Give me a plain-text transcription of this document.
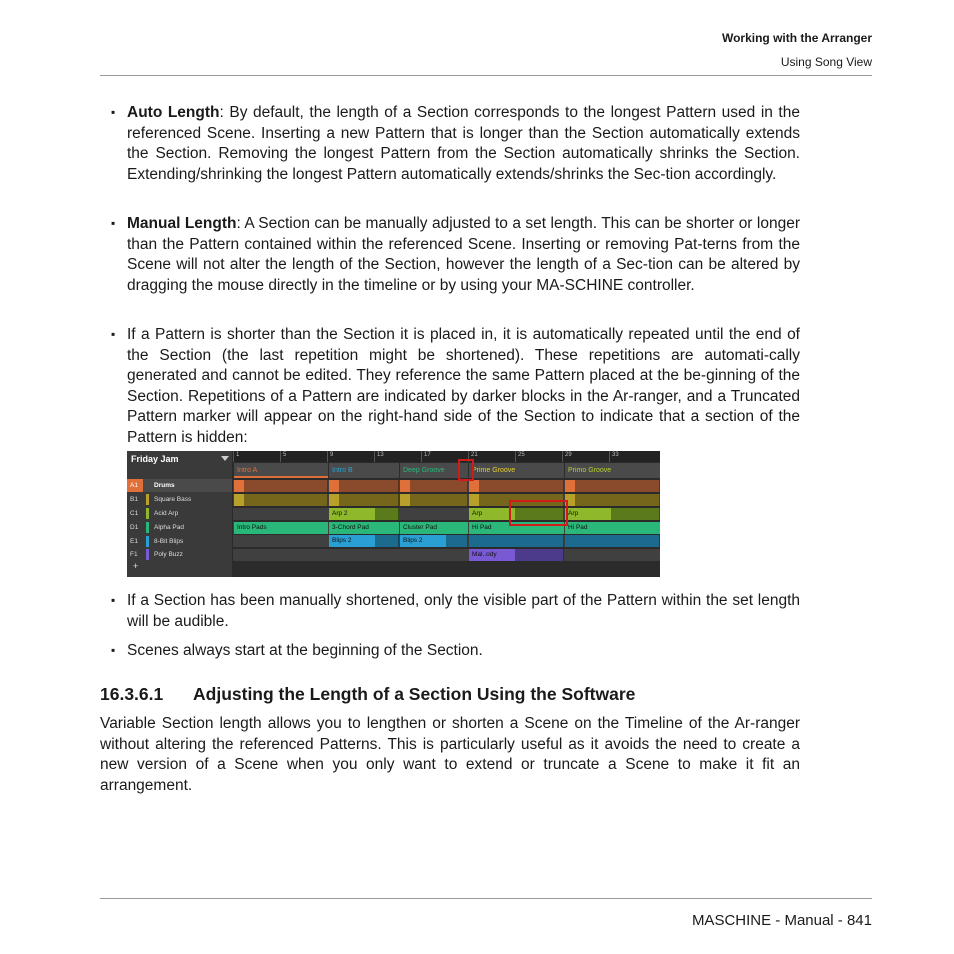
Working with the Arranger
Using Song View
▪ Auto Length: By default, the length of a Section corresponds to the longest Pattern used in the referenced Scene. Inserting a new Pattern that is longer than the Section automatically extends the Section. Removing the longest Pattern from the Section automatically shrinks the Section. Extending/shrinking the longest Pattern automatically extends/shrinks the Sec-tion accordingly.
▪ Manual Length: A Section can be manually adjusted to a set length. This can be shorter or longer than the Pattern contained within the referenced Scene. Inserting or removing Pat-terns from the Scene will not alter the length of the Section, however the length of a Sec-tion can be altered by dragging the mouse directly in the timeline or by using your MA-SCHINE controller.
▪ If a Pattern is shorter than the Section it is placed in, it is automatically repeated until the end of the Section (the last repetition might be shortened). These repetitions are automati-cally generated and cannot be edited. They reference the same Pattern placed at the be-ginning of the Section. Repetitions of a Pattern are indicated by darker blocks in the Ar-ranger, and a Truncated Pattern marker will appear on the right-hand side of the Section to indicate that a section of the Pattern is hidden:
Friday Jam
A1	Drums
B1 Square Bass
C1 Acid Arp
D1 Alpha Pad
E1 8-Bit Blips
F1	Poly Buzz
+
1	5	9	13	17	21	25	29	33
Intro A	Intro B	Deep Groove	Prime Groove	Primo Groove
Arp 2	Arp	Arp
Intro Pads	3-Chord Pad	Cluster Pad	Hi Pad	Hi Pad
Blips 2	Blips 2
Mal..ody
▪ If a Section has been manually shortened, only the visible part of the Pattern within the set length will be audible.
▪ Scenes always start at the beginning of the Section.
16.3.6.1 Adjusting the Length of a Section Using the Software
Variable Section length allows you to lengthen or shorten a Scene on the Timeline of the Ar-ranger without altering the referenced Patterns. This is particularly useful as it avoids the need to create a new version of a Scene when you only want to extend or truncate a Scene to make it fit an arrangement.
MASCHINE - Manual - 841
